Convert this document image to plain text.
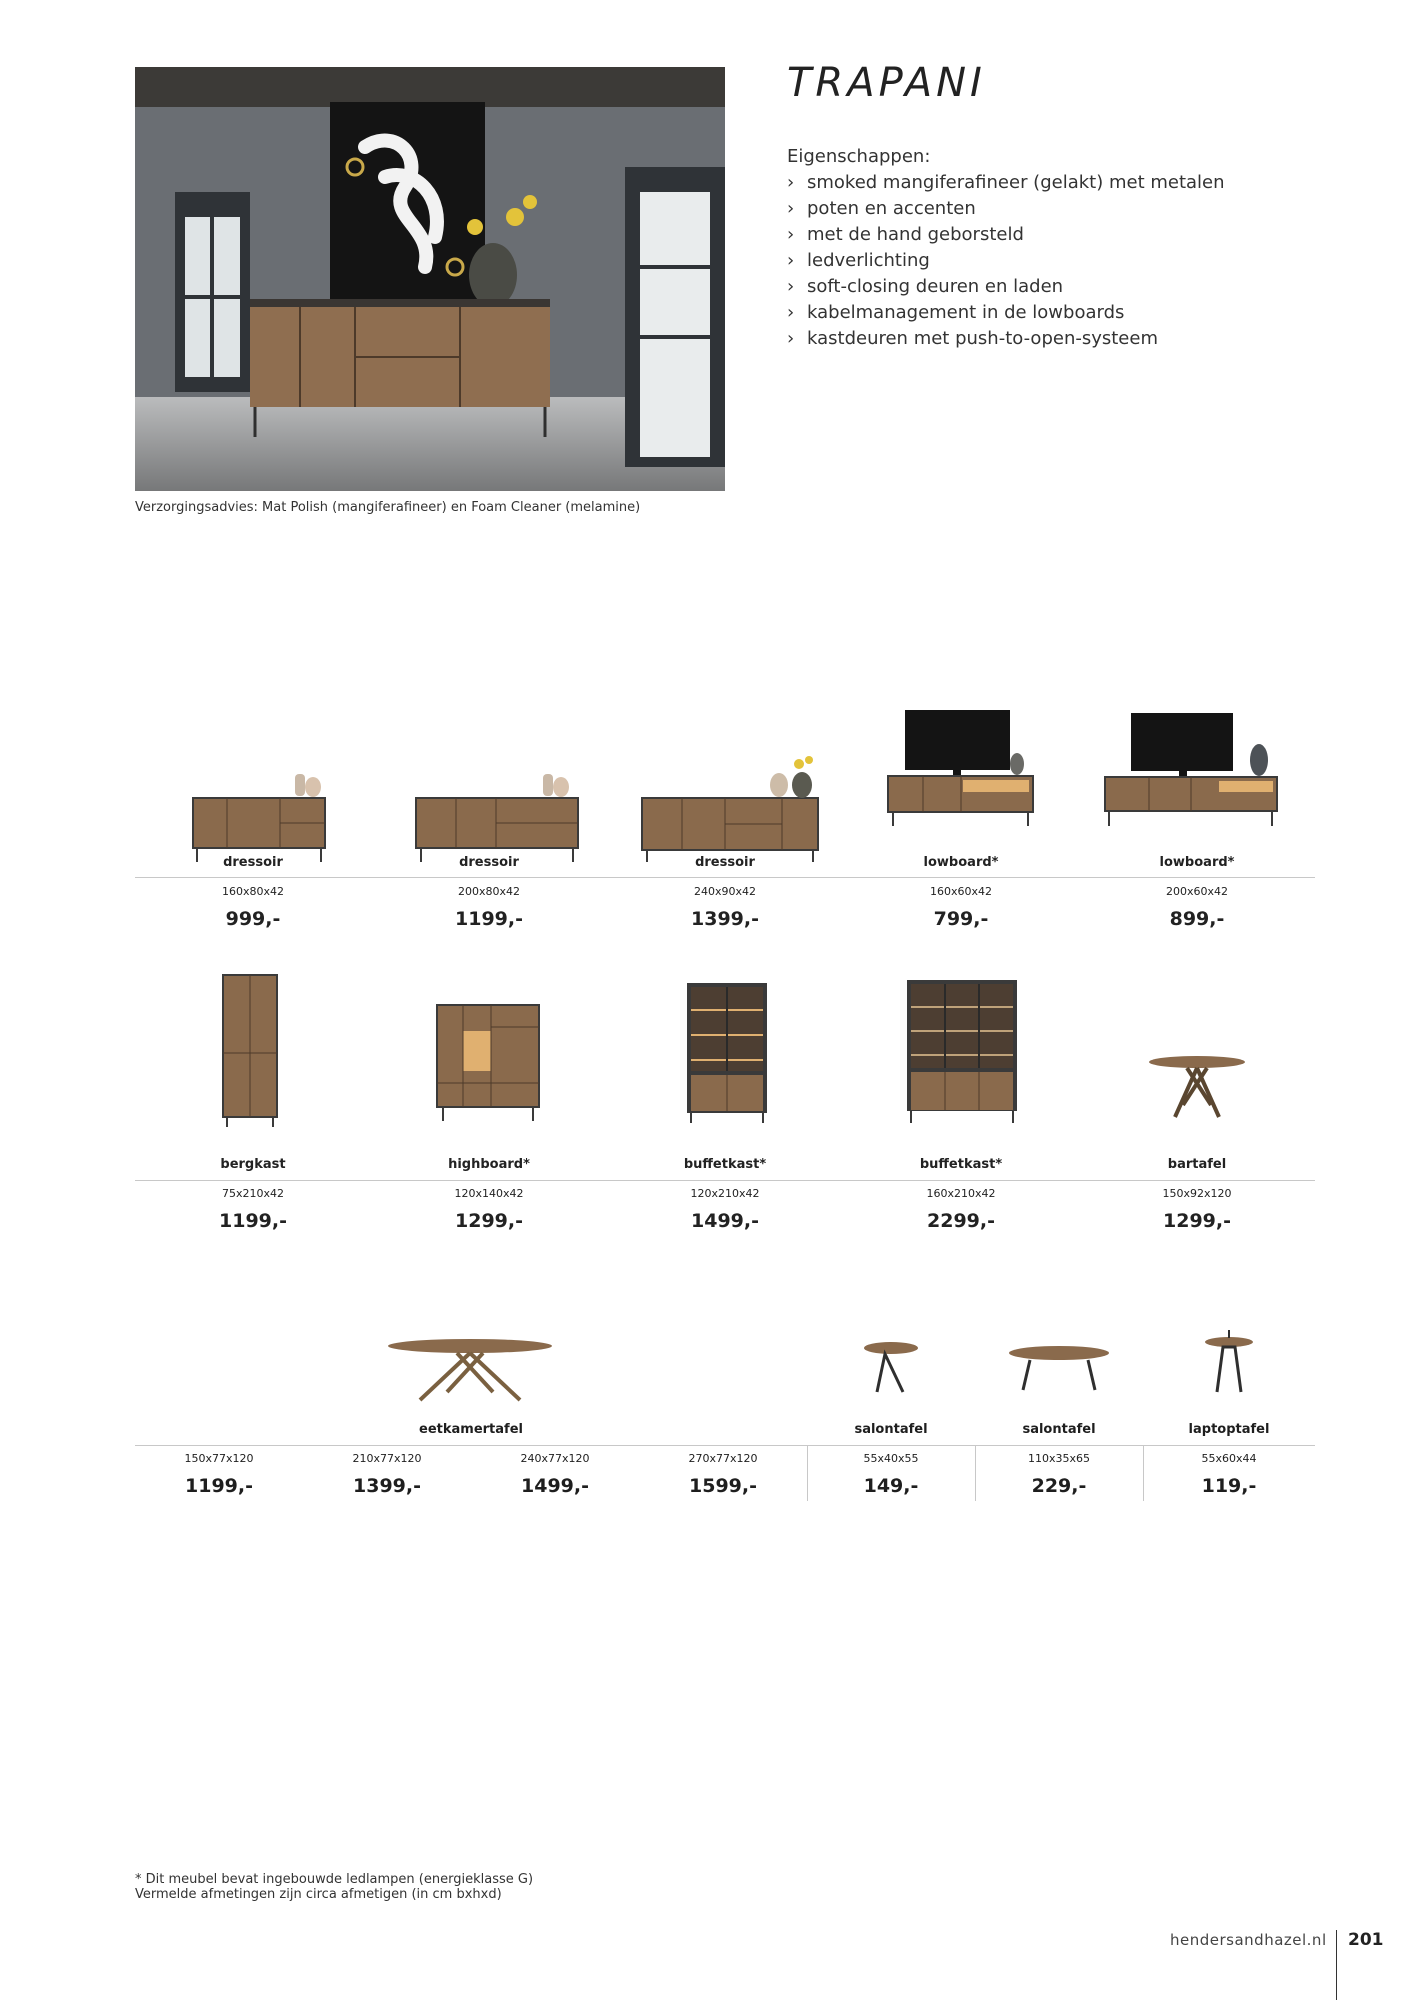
Verzorgingsadvies: Mat Polish (mangiferafineer) en Foam Cleaner (melamine)
TRAPANI
Eigenschappen:
› smoked mangiferafineer (gelakt) met metalen
› poten en accenten
› met de hand geborsteld
› ledverlichting
› soft-closing deuren en laden
› kabelmanagement in de lowboards
› kastdeuren met push-to-open-systeem
dressoir
160x80x42
999,-
dressoir
200x80x42
1199,-
dressoir
240x90x42
1399,-
lowboard*
160x60x42
799,-
lowboard*
200x60x42
899,-
bergkast
75x210x42
1199,-
highboard*
120x140x42
1299,-
buffetkast*
120x210x42
1499,-
buffetkast*
160x210x42
2299,-
bartafel
150x92x120
1299,-
eetkamertafel
150x77x120
1199,-
210x77x120
1399,-
240x77x120
1499,-
270x77x120
1599,-
salontafel
55x40x55
149,-
salontafel
110x35x65
229,-
laptoptafel
55x60x44
119,-
* Dit meubel bevat ingebouwde ledlampen (energieklasse G)
Vermelde afmetingen zijn circa afmetigen (in cm bxhxd)
hendersandhazel.nl 201
